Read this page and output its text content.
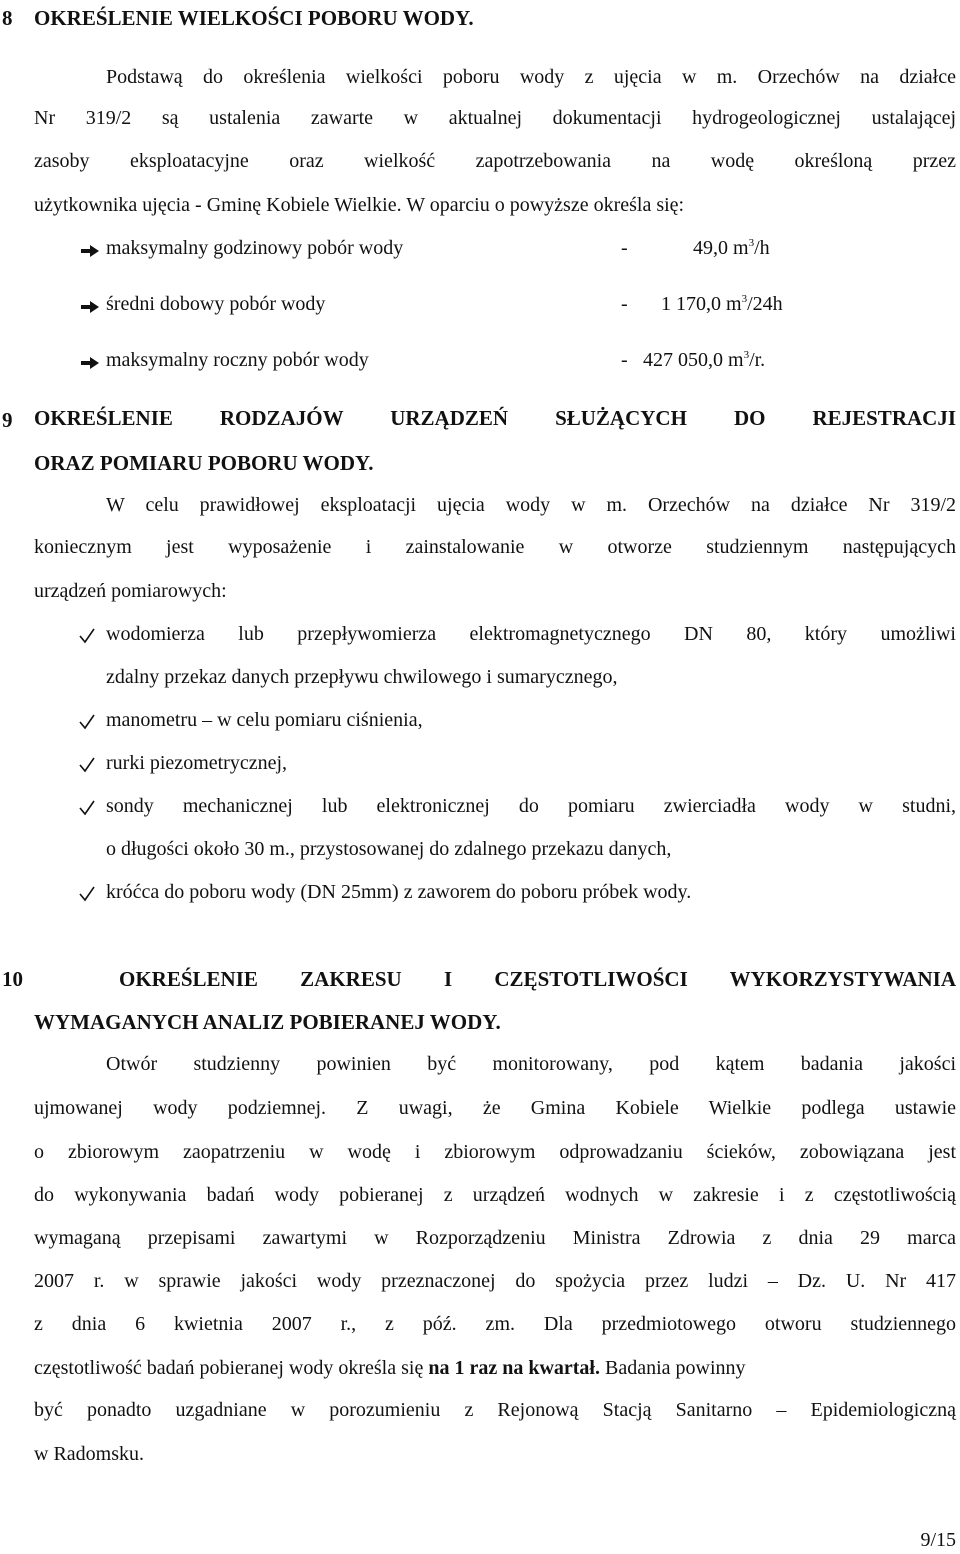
8 OKREŚLENIE WIELKOŚCI POBORU WODY.
Podstawą do określenia wielkości poboru wody z ujęcia w m. Orzechów na działce
Nr 319/2 są ustalenia zawarte w aktualnej dokumentacji hydrogeologicznej ustalającej
zasoby eksploatacyjne oraz wielkość zapotrzebowania na wodę określoną przez
użytkownika ujęcia - Gminę Kobiele Wielkie. W oparciu o powyższe określa się:
maksymalny godzinowy pobór wody	-	49,0 $m^3/h$
średni dobowy pobór wody	- 1 170,0 $m^3/24h$
maksymalny roczny pobór wody	- 427 050,0 $m^3/r$.
9 OKREŚLENIE RODZAJÓW URZĄDZEŃ SŁUŻĄCYCH DO REJESTRACJI
ORAZ POMIARU POBORU WODY.
W celu prawidłowej eksploatacji ujęcia wody w m. Orzechów na działce Nr 319/2
koniecznym jest wyposażenie i zainstalowanie w otworze studziennym następujących
urządzeń pomiarowych:
wodomierza lub przepływomierza elektromagnetycznego DN 80, który umożliwi
zdalny przekaz danych przepływu chwilowego i sumarycznego,
manometru – w celu pomiaru ciśnienia,
rurki piezometrycznej,
sondy mechanicznej lub elektronicznej do pomiaru zwierciadła wody w studni,
o długości około 30 m., przystosowanej do zdalnego przekazu danych,
króćca do poboru wody (DN 25mm) z zaworem do poboru próbek wody.
10	OKREŚLENIE ZAKRESU I CZĘSTOTLIWOŚCI WYKORZYSTYWANIA
WYMAGANYCH ANALIZ POBIERANEJ WODY.
Otwór studzienny powinien być monitorowany, pod kątem badania jakości
ujmowanej wody podziemnej. Z uwagi, że Gmina Kobiele Wielkie podlega ustawie
o zbiorowym zaopatrzeniu w wodę i zbiorowym odprowadzaniu ścieków, zobowiązana jest
do wykonywania badań wody pobieranej z urządzeń wodnych w zakresie i z częstotliwością
wymaganą przepisami zawartymi w Rozporządzeniu Ministra Zdrowia z dnia 29 marca
2007 r. w sprawie jakości wody przeznaczonej do spożycia przez ludzi – Dz. U. Nr 417
z dnia 6 kwietnia 2007 r., z póź. zm. Dla przedmiotowego otworu studziennego
częstotliwość badań pobieranej wody określa się na 1 raz na kwartał. Badania powinny
być ponadto uzgadniane w porozumieniu z Rejonową Stacją Sanitarno – Epidemiologiczną
w Radomsku.
9/15
